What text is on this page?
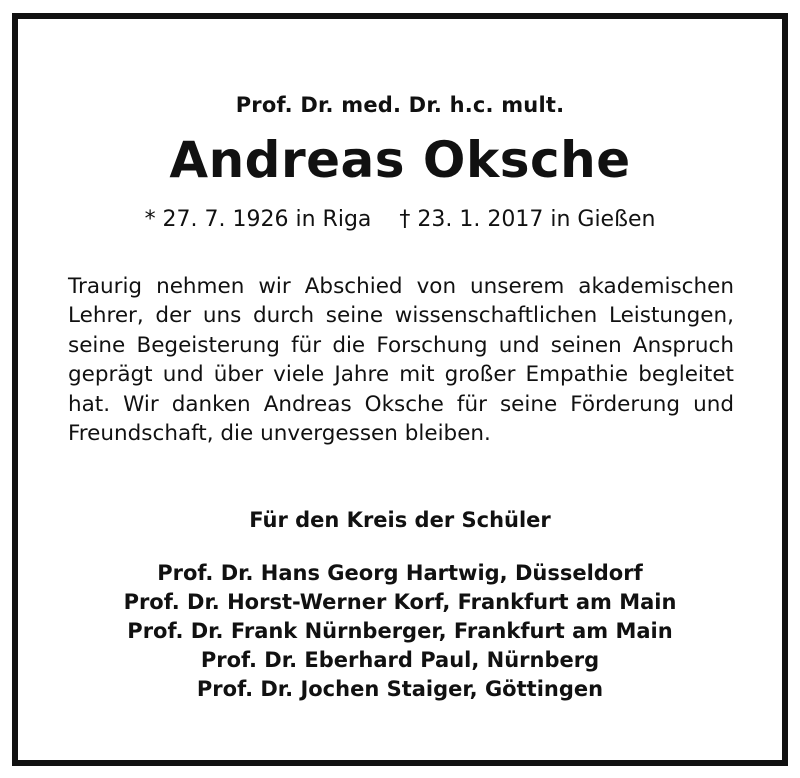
Prof. Dr. med. Dr. h.c. mult.
Andreas Oksche
* 27. 7. 1926 in Riga † 23. 1. 2017 in Gießen
Traurig nehmen wir Abschied von unserem akademischen Lehrer, der uns durch seine wissenschaftlichen Leistungen, seine Begeisterung für die Forschung und seinen Anspruch geprägt und über viele Jahre mit großer Empathie begleitet hat. Wir danken Andreas Oksche für seine Förderung und Freundschaft, die unvergessen bleiben.
Für den Kreis der Schüler
Prof. Dr. Hans Georg Hartwig, Düsseldorf
Prof. Dr. Horst-Werner Korf, Frankfurt am Main
Prof. Dr. Frank Nürnberger, Frankfurt am Main
Prof. Dr. Eberhard Paul, Nürnberg
Prof. Dr. Jochen Staiger, Göttingen
